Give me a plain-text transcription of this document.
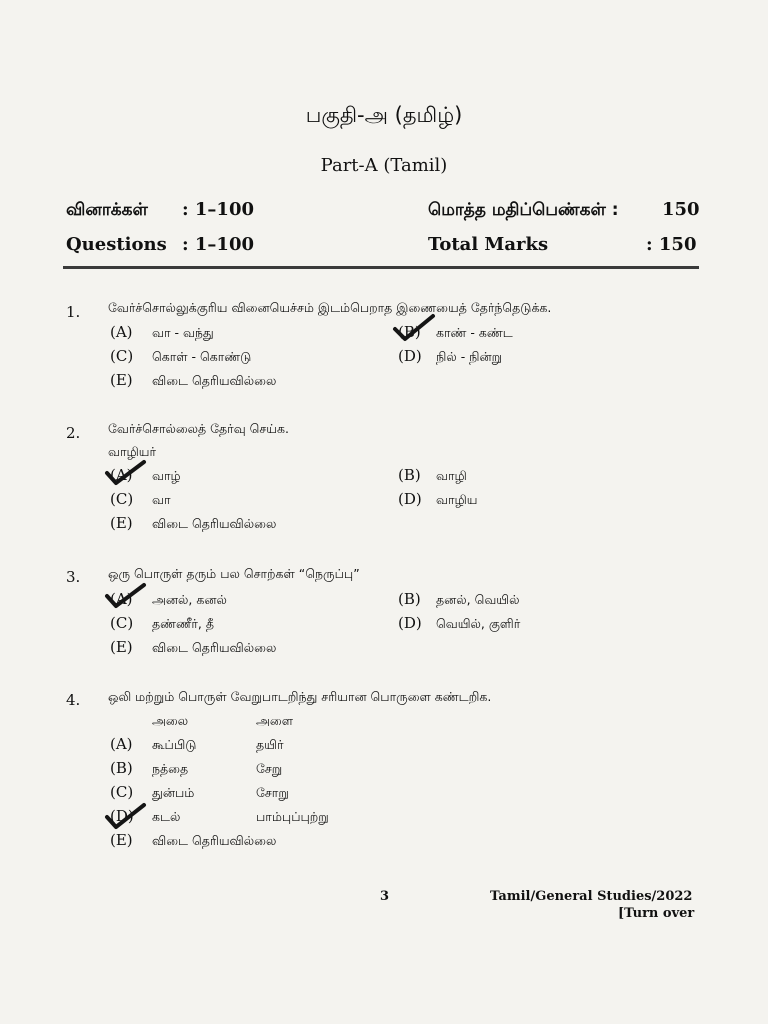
பகுதி-அ (தமிழ்)
Part-A (Tamil)
வினாக்கள் : 1–100	மொத்த மதிப்பெண்கள் : 150
Questions : 1–100	Total Marks	: 150
1. வேர்ச்சொல்லுக்குரிய வினையெச்சம் இடம்பெறாத இணையைத் தேர்ந்தெடுக்க.
(A) வா - வந்து	(B) காண் - கண்ட
(C) கொள் - கொண்டு	(D) நில் - நின்று
(E) விடை தெரியவில்லை
2. வேர்ச்சொல்லைத் தேர்வு செய்க.
வாழியர்
(A) வாழ்	(B) வாழி
(C) வா	(D) வாழிய
(E) விடை தெரியவில்லை
3. ஒரு பொருள் தரும் பல சொற்கள் “நெருப்பு”
(A) அனல், கனல்	(B) தனல், வெயில்
(C) தண்ணீர், தீ	(D) வெயில், குளிர்
(E) விடை தெரியவில்லை
4. ஒலி மற்றும் பொருள் வேறுபாடறிந்து சரியான பொருளை கண்டறிக.
அலை	அளை
(A) கூப்பிடு	தயிர்
(B) நத்தை	சேறு
(C) துன்பம்	சோறு
(D) கடல்	பாம்புப்புற்று
(E) விடை தெரியவில்லை
3	Tamil/General Studies/2022
[Turn over
